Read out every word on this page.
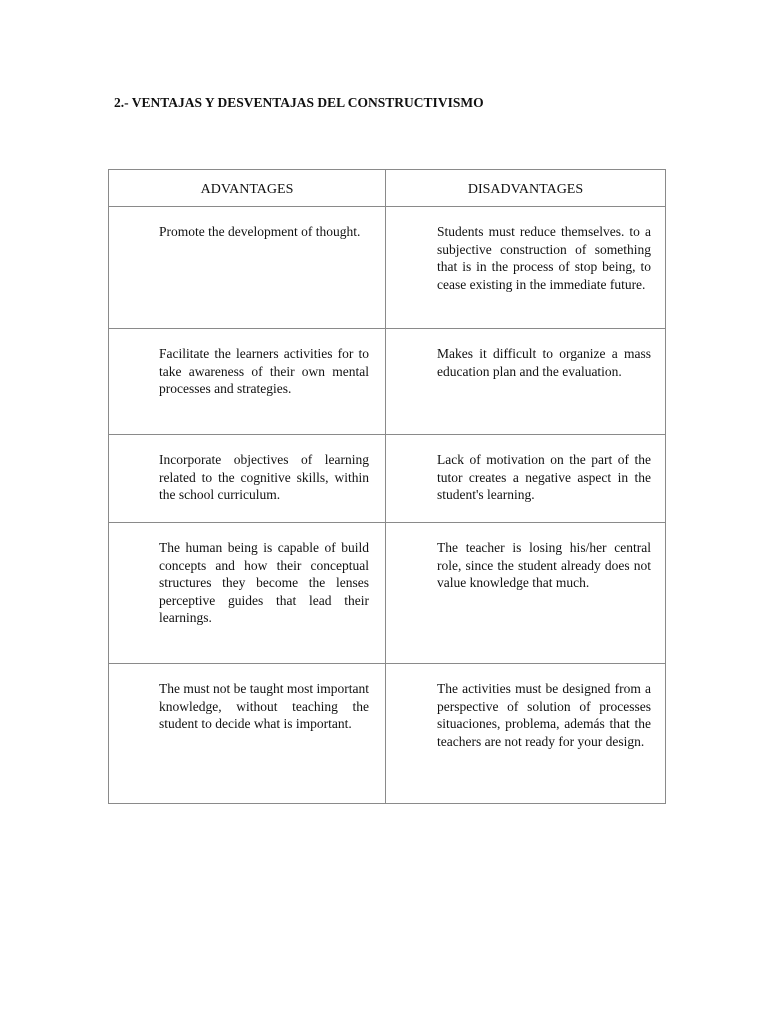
2.- VENTAJAS Y DESVENTAJAS DEL CONSTRUCTIVISMO
ADVANTAGES	DISADVANTAGES

Promote the development of thought.	Students must reduce themselves. to a subjective construction of something that is in the process of stop being, to cease existing in the immediate future.

Facilitate the learners activities for to take awareness of their own mental processes and strategies.	Makes it difficult to organize a mass education plan and the evaluation.

Incorporate objectives of learning related to the cognitive skills, within the school curriculum.	Lack of motivation on the part of the tutor creates a negative aspect in the student's learning.

The human being is capable of build concepts and how their conceptual structures they become the lenses perceptive guides that lead their learnings.	The teacher is losing his/her central role, since the student already does not value knowledge that much.

The must not be taught most important knowledge, without teaching the student to decide what is important.	The activities must be designed from a perspective of solution of processes situaciones, problema, además that the teachers are not ready for your design.
